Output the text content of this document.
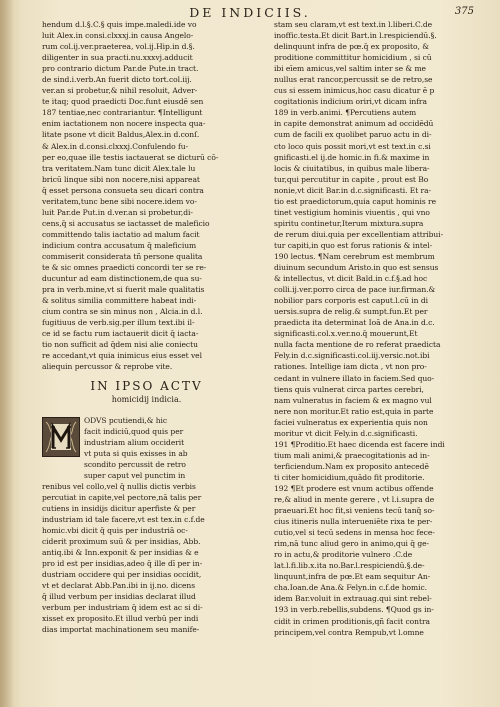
DE INDICIIS.	375
hendum d.l.§.C.§ quis impe.maledi.ide vo
luit Alex.in consi.clxxxj.in causa Angelo-
rum col.ij.ver.praeterea, vol.ij.Hip.in d.§.
diligenter in sua practi.nu.xxxvj.adducit
pro contrario dictum Par.de Pute.in tract.
de sind.i.verb.An fuerit dicto tort.col.iij.
ver.an si probetur,& nihil resoluit, Adver-
te itaq; quod praedicti Doc.funt eiusdē sen
187 tentiae,nec contrariantur. ¶Intelligunt
enim iactationem non nocere inspecta qua-
litate psone vt dicit Baldus,Alex.in d.conſ.
& Alex.in d.consi.clxxxj.Confulendo fu-
per eo,quae ille testis iactauerat se dicturū cō-
tra veritatem.Nam tunc dicit Alex.tale lu
bricū linque sibi non nocere,nisi appareat
q̄ esset persona consueta seu dicari contra
veritatem,tunc bene sibi nocere.idem vo-
luit Par.de Put.in d.ver.an si probetur,di-
cens,q̄ si accusatus se iactasset de maleficio
committendo talis iactatio ad malum facit
indicium contra accusatum q̄ maleficium
commiserit considerata tñ persone qualita
te & sic omnes praedicti concordi ter se re-
ducuntur ad eam distinctionem,de qua su-
pra in verb.mine,vt si fuerit male qualitatis
& solitus similia committere habeat indi-
cium contra se sin minus non , Alcia.in d.l.
fugitiuus de verb.sig.per illum text.ibi il-
ce id se factu rum iactauerit dicit q̄ iacta-
tio non sufficit ad q̄dem nisi alie coniectu
re accedant,vt quia inimicus eius esset vel
aliequin percussor & reprobe vite.
IN IPSO ACTV
homicidij indicia.
ODVS pcutiendi,& hic
facit indiciū,quod quis per
industriam alium occiderit
vt puta si quis exisses in ab
scondito percussit de retro
super caput vel punctim in
renibus vel collo,vel q̄ nullis dictis verbis
percutiat in capite,vel pectore,nā talis per
cutiens in insidijs dicitur aperfiste & per
industriam id tale facere,vt est tex.in c.f.de
homic.vbi dicit q̄ quis per industriā oc-
ciderit proximum suū & per insidias, Abb.
antiq.ibi & Inn.exponit & per insidias & e
pro id est per insidias,adeo q̄ ille dī per in-
dustriam occidere qui per insidias occidit,
vt et declarat Abb.Pan.ibi in ij.no. dicens
q̄ illud verbum per insidias declarat illud
verbum per industriam q̄ idem est ac si di-
xisset ex proposito.Et illud verbū per indi
dias importat machinationem seu manife-
stam seu claram,vt est text.in l.liberi.C.de
inoffic.testa.Et dicit Bart.in l.respiciendū.§.
delinquunt infra de pœ.q̄ ex proposito, &
proditione committitur homicidium , si cū
ibi eīem amicus,vel saltim inter se & me
nullus erat rancor,percussit se de retro,se
cus si essem inimicus,hoc casu dicatur ē p
cogitationis indicium oriri,vt dicam infra
189 in verb.animi. ¶Percutiens autem
in capite demonstrat animum ad occidēdū
cum de facili ex quolibet paruo actu in di-
cto loco quis possit mori,vt est text.in c.si
gnificasti.el ij.de homic.in fi.& maxime in
locis & ciuitatibus, in quibus male libera-
tur,qui percutitur in capite , prout est Bo
nonie,vt dicit Bar.in d.c.significasti. Et ra-
tio est praedictorum,quia caput hominis re
tinet vestigium hominis viuentis , qui vno
spiritu continetur,Iterum mixtura.supra
de rerum diui.quia per excellentiam attribui-
tur capiti,in quo est forus rationis & intel-
190 lectus. ¶Nam cerebrum est membrum
diuinum secundum Aristo.in quo est sensus
& intellectus, vt dicit Bald.in c.f.§.ad hoc
colli.ij.ver.porro circa de pace iur.firman.&
nobilior pars corporis est caput.l.cū in di
uersis.supra de relig.& sumpt.fun.Et per
praedicta ita determinat Ioā de Ana.in d.c.
significasti.col.x.ver.no.q̄ mouerunt,Et
nulla facta mentione de ro referat praedicta
Fely.in d.c.significasti.col.iij.versic.not.ibi
rationes. Intellige iam dicta , vt non pro-
cedant in vulnere illato in faciem.Sed quo-
tiens quis vulnerat circa partes cerebri,
nam vulneratus in faciem & ex magno vul
nere non moritur.Et ratio est,quia in parte
faciei vulneratus ex experientia quis non
moritur vt dicit Fely.in d.c.significasti.
191 ¶Proditio.Et haec dicenda est facere indi
tium mali animi,& praecogitationis ad in-
terficiendum.Nam ex proposito antecedē
ti citer homicidium,quādo fit proditorie.
192 ¶Et prodere est vnum actibus offende
re,& aliud in mente gerere , vt l.i.supra de
praeuari.Et hoc fit,si veniens tecū tanq̄ so-
cius itineris nulla interueniēte rixa te per-
cutio,vel si tecū sedens in mensa hoc fece-
rim,nā tunc aliud gero in animo,qui q̄ ge-
ro in actu,& proditorie vulnero .C.de
lat.l.fi.lib.x.ita no.Bar.l.respiciendū.§.de-
linquunt,infra de pœ.Et eam sequitur An-
cha.Ioan.de Ana.& Felyn.in c.f.de homic.
idem Bar.voluit in extrauag.qui sint rebel-
193 in verb.rebellis,subdens. ¶Quod gs in-
cidit in crimen proditionis,qñ facit contra
principem,vel contra Rempub,vt l.omne
